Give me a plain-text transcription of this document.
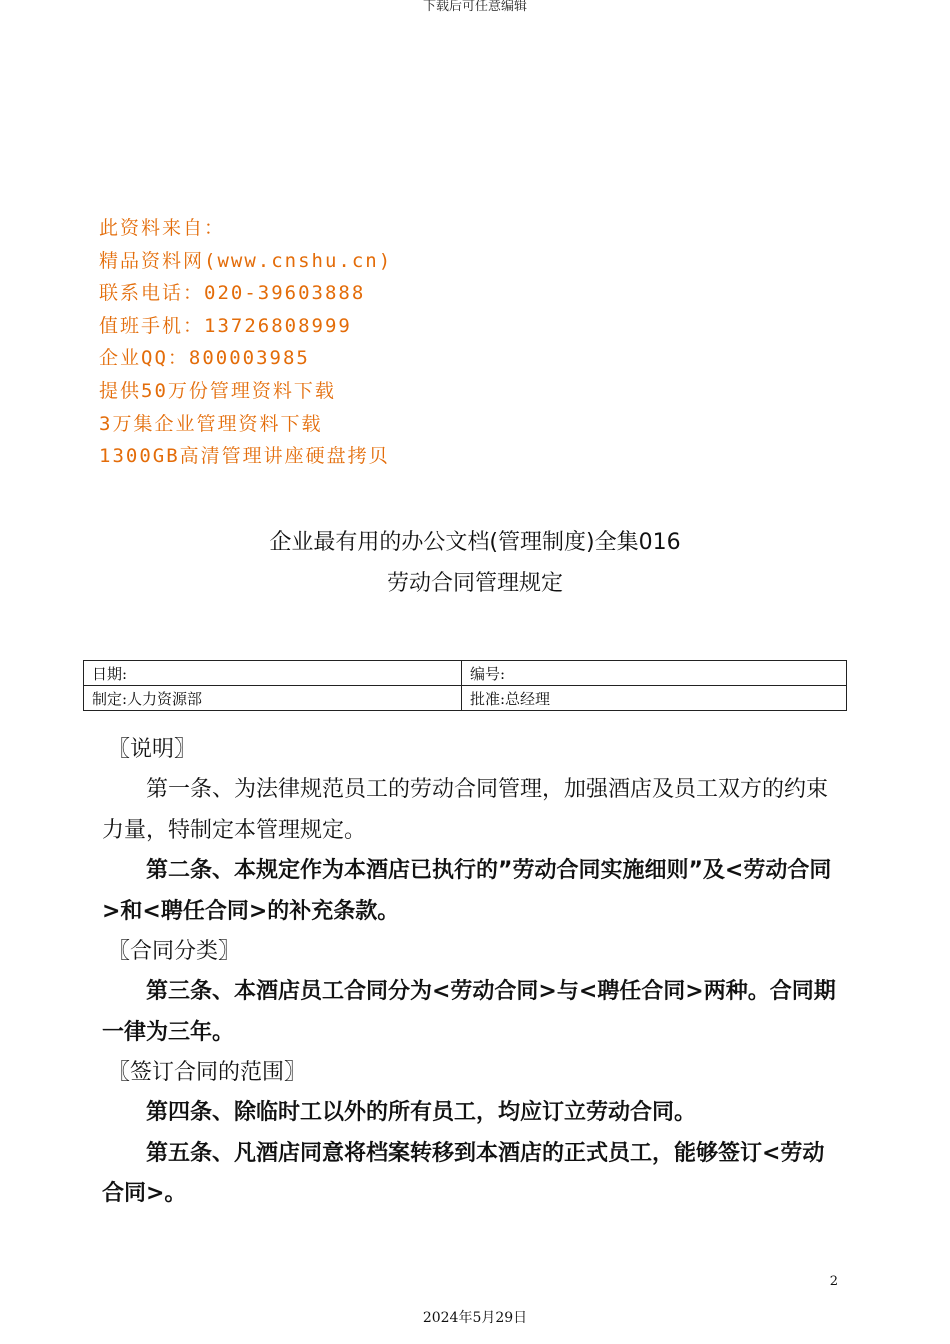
下载后可任意编辑
此资料来自：
精品资料网(www.cnshu.cn)
联系电话：020-39603888
值班手机：13726808999
企业QQ：800003985
提供50万份管理资料下载
3万集企业管理资料下载
1300GB高清管理讲座硬盘拷贝
企业最有用的办公文档(管理制度)全集016
劳动合同管理规定
日期:	编号:
制定:人力资源部	批准:总经理
〖说明〗
第一条、为法律规范员工的劳动合同管理，加强酒店及员工双方的约束力量，特制定本管理规定。
第二条、本规定作为本酒店已执行的”劳动合同实施细则”及<劳动合同>和<聘任合同>的补充条款。
〖合同分类〗
第三条、本酒店员工合同分为<劳动合同>与<聘任合同>两种。合同期一律为三年。
〖签订合同的范围〗
第四条、除临时工以外的所有员工，均应订立劳动合同。
第五条、凡酒店同意将档案转移到本酒店的正式员工，能够签订<劳动合同>。
2
2024年5月29日
